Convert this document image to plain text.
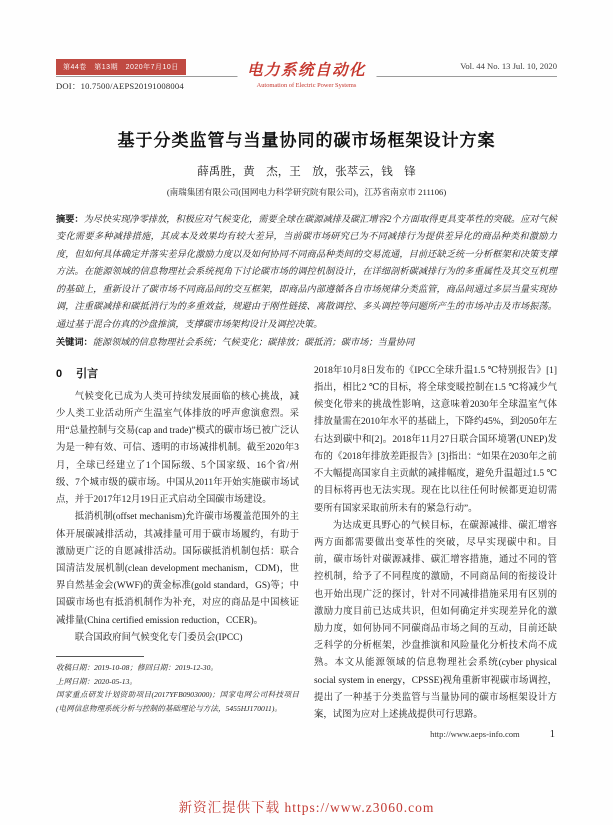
第44卷　第13期　2020年7月10日
DOI：10.7500/AEPS20191008004
电力系统自动化
Automation of Electric Power Systems
Vol. 44 No. 13 Jul. 10, 2020
基于分类监管与当量协同的碳市场框架设计方案
薛禹胜，黄　杰，王　放，张萃云，钱　锋
(南瑞集团有限公司(国网电力科学研究院有限公司)，江苏省南京市 211106)
摘要：为尽快实现净零排放，积极应对气候变化，需要全球在碳源减排及碳汇增容2个方面取得更具变革性的突破。应对气候变化需要多种减排措施，其成本及效果均有较大差异，当前碳市场研究已为不同减排行为提供差异化的商品种类和激励力度，但如何具体确定并落实差异化激励力度以及如何协同不同商品种类间的交易流通，目前还缺乏统一分析框架和决策支撑方法。在能源领域的信息物理社会系统视角下讨论碳市场的调控机制设计，在详细剖析碳减排行为的多重属性及其交互机理的基础上，重新设计了碳市场不同商品间的交互框架，即商品内部遵循各自市场规律分类监管，商品间通过多层当量实现协调，注重碳减排和碳抵消行为的多重效益，规避由于刚性链接、离散调控、多头调控等问题所产生的市场冲击及市场振荡。通过基于混合仿真的沙盘推演，支撑碳市场架构设计及调控决策。
关键词：能源领域的信息物理社会系统；气候变化；碳排放；碳抵消；碳市场；当量协同
0 引言

气候变化已成为人类可持续发展面临的核心挑战，减少人类工业活动所产生温室气体排放的呼声愈演愈烈。采用“总量控制与交易(cap and trade)”模式的碳市场已被广泛认为是一种有效、可信、透明的市场减排机制。截至2020年3月，全球已经建立了1个国际级、5个国家级、16个省/州级、7个城市级的碳市场。中国从2011年开始实施碳市场试点，并于2017年12月19日正式启动全国碳市场建设。

抵消机制(offset mechanism)允许碳市场覆盖范围外的主体开展碳减排活动，其减排量可用于碳市场履约，有助于激励更广泛的自愿减排活动。国际碳抵消机制包括：联合国清洁发展机制(clean development mechanism，CDM)，世界自然基金会(WWF)的黄金标准(gold standard，GS)等；中国碳市场也有抵消机制作为补充，对应的商品是中国核证减排量(China certified emission reduction，CCER)。

联合国政府间气候变化专门委员会(IPCC)

收稿日期：2019-10-08；修回日期：2019-12-30。
上网日期：2020-05-13。
国家重点研发计划资助项目(2017YFB0903000)；国家电网公司科技项目(电网信息物理系统分析与控制的基础理论与方法，5455HJ170011)。

2018年10月8日发布的《IPCC全球升温1.5 ℃特别报告》[1]指出，相比2 ℃的目标，将全球变暖控制在1.5 ℃将减少气候变化带来的挑战性影响，这意味着2030年全球温室气体排放量需在2010年水平的基础上，下降约45%，到2050年左右达到碳中和[2]。2018年11月27日联合国环境署(UNEP)发布的《2018年排放差距报告》[3]指出：“如果在2030年之前不大幅提高国家自主贡献的减排幅度，避免升温超过1.5 ℃的目标将再也无法实现。现在比以往任何时候都更迫切需要所有国家采取前所未有的紧急行动”。

为达成更具野心的气候目标，在碳源减排、碳汇增容两方面都需要做出变革性的突破，尽早实现碳中和。目前，碳市场针对碳源减排、碳汇增容措施，通过不同的管控机制，给予了不同程度的激励，不同商品间的衔接设计也开始出现广泛的探讨，针对不同减排措施采用有区别的激励力度目前已达成共识，但如何确定并实现差异化的激励力度，如何协同不同碳商品市场之间的互动，目前还缺乏科学的分析框架，沙盘推演和风险量化分析技术尚不成熟。本文从能源领域的信息物理社会系统(cyber physical social system in energy，CPSSE)视角重新审视碳市场调控，提出了一种基于分类监管与当量协同的碳市场框架设计方案，试图为应对上述挑战提供可行思路。

http://www.aeps-info.com	1
新资汇提供下载 https://www.z3060.com
